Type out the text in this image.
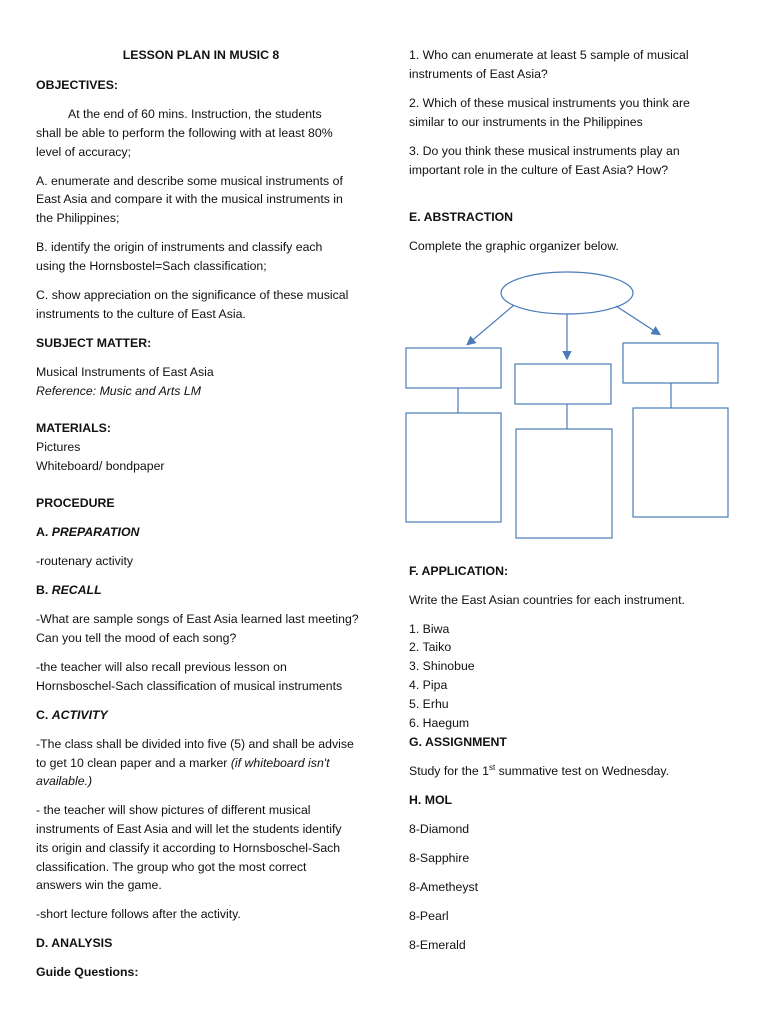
LESSON PLAN IN MUSIC 8

OBJECTIVES:

At the end of 60 mins. Instruction, the students

shall be able to perform the following with at least 80%

level of accuracy;

A. enumerate and describe some musical instruments of

East Asia and compare it with the musical instruments in

the Philippines;

B. identify the origin of instruments and classify each

using the Hornsbostel=Sach classification;

C. show appreciation on the significance of these musical

instruments to the culture of East Asia.

SUBJECT MATTER:

Musical Instruments of East Asia

Reference: Music and Arts LM

MATERIALS:

Pictures

Whiteboard/ bondpaper

PROCEDURE

A. PREPARATION

-routenary activity

B. RECALL

-What are sample songs of East Asia learned last meeting?

Can you tell the mood of each song?

-the teacher will also recall previous lesson on

Hornsboschel-Sach classification of musical instruments

C. ACTIVITY

-The class shall be divided into five (5) and shall be advise

to get 10 clean paper and a marker (if whiteboard isn't

available.)

- the teacher will show pictures of different musical

instruments of East Asia and will let the students identify

its origin and classify it according to Hornsboschel-Sach

classification. The group who got the most correct

answers win the game.

-short lecture follows after the activity.

D. ANALYSIS

Guide Questions:

1. Who can enumerate at least 5 sample of musical

instruments of East Asia?

2. Which of these musical instruments you think are

similar to our instruments in the Philippines

3. Do you think these musical instruments play an

important role in the culture of East Asia? How?

E. ABSTRACTION

Complete the graphic organizer below.

F. APPLICATION:

Write the East Asian countries for each instrument.

1. Biwa

2. Taiko

3. Shinobue

4. Pipa

5. Erhu

6. Haegum

G. ASSIGNMENT

Study for the 1st summative test on Wednesday.

H. MOL

8-Diamond

8-Sapphire

8-Ametheyst

8-Pearl

8-Emerald
